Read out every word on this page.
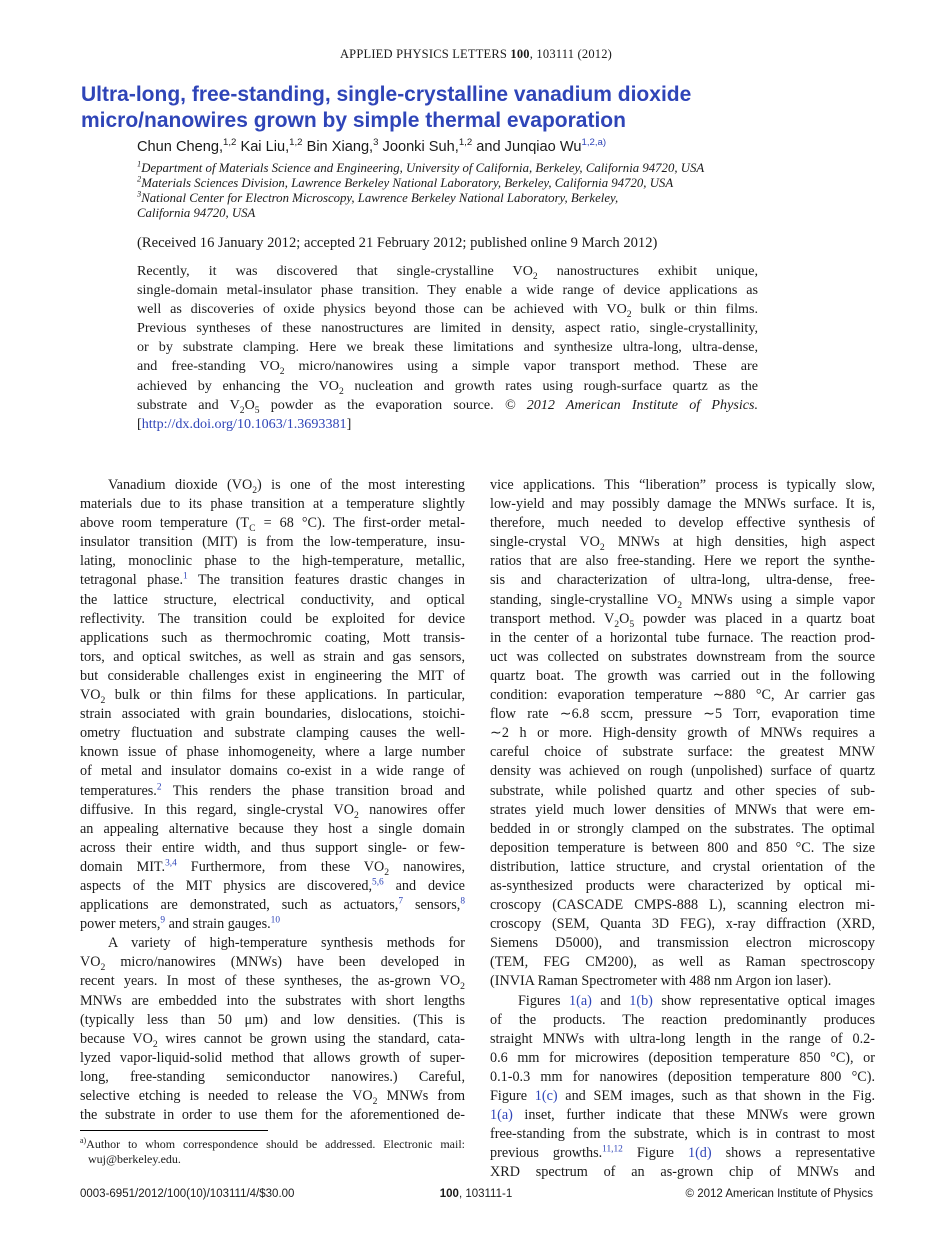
APPLIED PHYSICS LETTERS 100, 103111 (2012)
Ultra-long, free-standing, single-crystalline vanadium dioxide
micro/nanowires grown by simple thermal evaporation
Chun Cheng,$^{1,2}$ Kai Liu,$^{1,2}$ Bin Xiang,$^3$ Joonki Suh,$^{1,2}$ and Junqiao Wu$^{1,2,a)}$
$^1$Department of Materials Science and Engineering, University of California, Berkeley, California 94720, USA
$^2$Materials Sciences Division, Lawrence Berkeley National Laboratory, Berkeley, California 94720, USA
$^3$National Center for Electron Microscopy, Lawrence Berkeley National Laboratory, Berkeley,
California 94720, USA
(Received 16 January 2012; accepted 21 February 2012; published online 9 March 2012)
Recently, it was discovered that single-crystalline $VO_2$ nanostructures exhibit unique,
single-domain metal-insulator phase transition. They enable a wide range of device applications as
well as discoveries of oxide physics beyond those can be achieved with $VO_2$ bulk or thin films.
Previous syntheses of these nanostructures are limited in density, aspect ratio, single-crystallinity,
or by substrate clamping. Here we break these limitations and synthesize ultra-long, ultra-dense,
and free-standing $VO_2$ micro/nanowires using a simple vapor transport method. These are
achieved by enhancing the $VO_2$ nucleation and growth rates using rough-surface quartz as the
substrate and $V_2O_5$ powder as the evaporation source. © 2012 American Institute of Physics.
[http://dx.doi.org/10.1063/1.3693381]
Vanadium dioxide $(VO_2)$ is one of the most interesting
materials due to its phase transition at a temperature slightly
above room temperature ($T_C = 68$ °C). The first-order metal-
insulator transition (MIT) is from the low-temperature, insu-
lating, monoclinic phase to the high-temperature, metallic,
tetragonal phase.$^1$ The transition features drastic changes in
the lattice structure, electrical conductivity, and optical
reflectivity. The transition could be exploited for device
applications such as thermochromic coating, Mott transis-
tors, and optical switches, as well as strain and gas sensors,
but considerable challenges exist in engineering the MIT of
$VO_2$ bulk or thin films for these applications. In particular,
strain associated with grain boundaries, dislocations, stoichi-
ometry fluctuation and substrate clamping causes the well-
known issue of phase inhomogeneity, where a large number
of metal and insulator domains co-exist in a wide range of
temperatures.$^2$ This renders the phase transition broad and
diffusive. In this regard, single-crystal $VO_2$ nanowires offer
an appealing alternative because they host a single domain
across their entire width, and thus support single- or few-
domain MIT.$^{3,4}$ Furthermore, from these $VO_2$ nanowires,
aspects of the MIT physics are discovered,$^{5,6}$ and device
applications are demonstrated, such as actuators,$^7$ sensors,$^8$
power meters,$^9$ and strain gauges.$^{10}$
A variety of high-temperature synthesis methods for
$VO_2$ micro/nanowires (MNWs) have been developed in
recent years. In most of these syntheses, the as-grown $VO_2$
MNWs are embedded into the substrates with short lengths
(typically less than 50 μm) and low densities. (This is
because $VO_2$ wires cannot be grown using the standard, cata-
lyzed vapor-liquid-solid method that allows growth of super-
long, free-standing semiconductor nanowires.) Careful,
selective etching is needed to release the $VO_2$ MNWs from
the substrate in order to use them for the aforementioned de-
vice applications. This “liberation” process is typically slow,
low-yield and may possibly damage the MNWs surface. It is,
therefore, much needed to develop effective synthesis of
single-crystal $VO_2$ MNWs at high densities, high aspect
ratios that are also free-standing. Here we report the synthe-
sis and characterization of ultra-long, ultra-dense, free-
standing, single-crystalline $VO_2$ MNWs using a simple vapor
transport method. $V_2O_5$ powder was placed in a quartz boat
in the center of a horizontal tube furnace. The reaction prod-
uct was collected on substrates downstream from the source
quartz boat. The growth was carried out in the following
condition: evaporation temperature ∼880 °C, Ar carrier gas
flow rate ∼6.8 sccm, pressure ∼5 Torr, evaporation time
∼2 h or more. High-density growth of MNWs requires a
careful choice of substrate surface: the greatest MNW
density was achieved on rough (unpolished) surface of quartz
substrate, while polished quartz and other species of sub-
strates yield much lower densities of MNWs that were em-
bedded in or strongly clamped on the substrates. The optimal
deposition temperature is between 800 and 850 °C. The size
distribution, lattice structure, and crystal orientation of the
as-synthesized products were characterized by optical mi-
croscopy (CASCADE CMPS-888 L), scanning electron mi-
croscopy (SEM, Quanta 3D FEG), x-ray diffraction (XRD,
Siemens D5000), and transmission electron microscopy
(TEM, FEG CM200), as well as Raman spectroscopy
(INVIA Raman Spectrometer with 488 nm Argon ion laser).
Figures 1(a) and 1(b) show representative optical images
of the products. The reaction predominantly produces
straight MNWs with ultra-long length in the range of 0.2-
0.6 mm for microwires (deposition temperature 850 °C), or
0.1-0.3 mm for nanowires (deposition temperature 800 °C).
Figure 1(c) and SEM images, such as that shown in the Fig.
1(a) inset, further indicate that these MNWs were grown
free-standing from the substrate, which is in contrast to most
previous growths.$^{11,12}$ Figure 1(d) shows a representative
XRD spectrum of an as-grown chip of MNWs and
$^{a)}$Author to whom correspondence should be addressed. Electronic mail:
wuj@berkeley.edu.
0003-6951/2012/100(10)/103111/4/$30.00	100, 103111-1	© 2012 American Institute of Physics
